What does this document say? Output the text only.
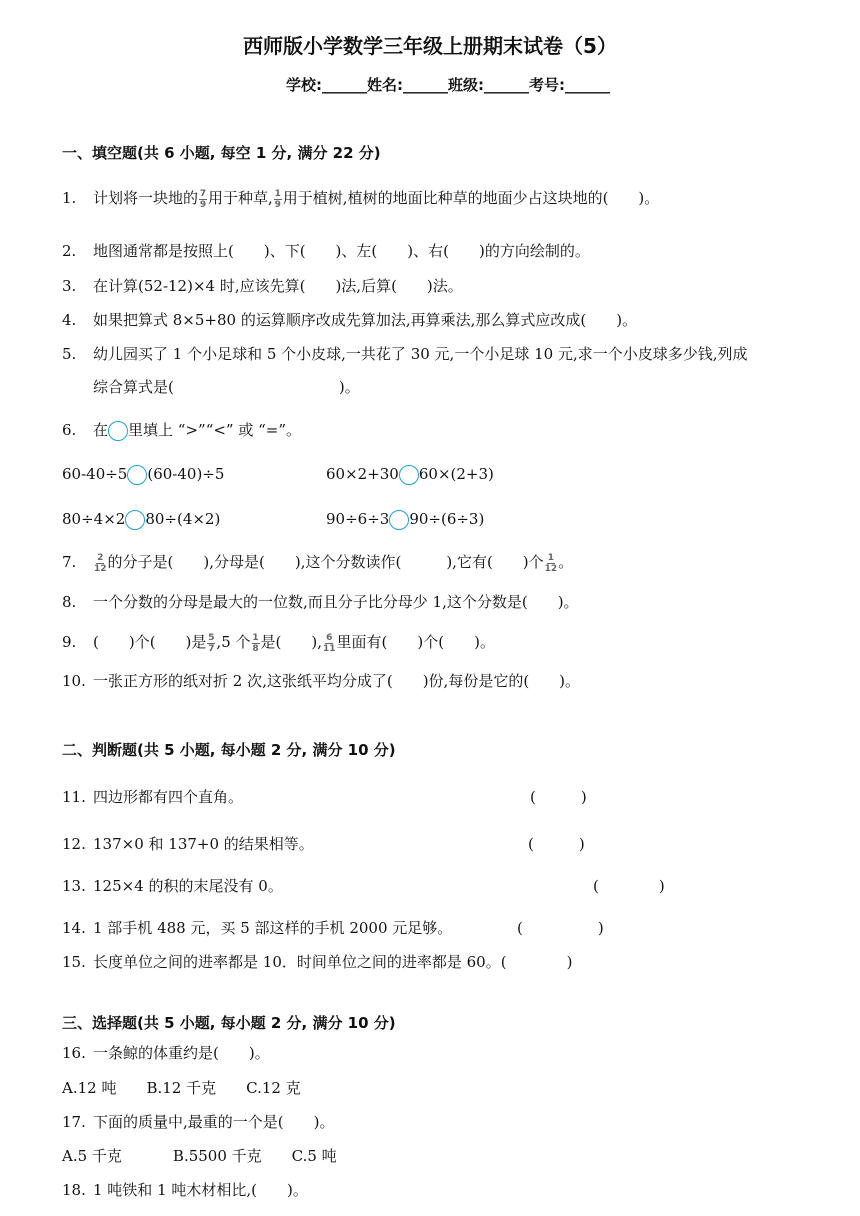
西师版小学数学三年级上册期末试卷（5）
学校:______姓名:______班级:______考号:______
一、填空题(共 6 小题, 每空 1 分, 满分 22 分)
1. 计划将一块地的 $\frac{7}{9}$ 用于种草, $\frac{1}{9}$ 用于植树,植树的地面比种草的地面少占这块地的(　　)。
2. 地图通常都是按照上(　　)、下(　　)、左(　　)、右(　　)的方向绘制的。
3. 在计算(52-12)×4 时,应该先算(　　)法,后算(　　)法。
4. 如果把算式 8×5+80 的运算顺序改成先算加法,再算乘法,那么算式应改成(　　)。
5. 幼儿园买了 1 个小足球和 5 个小皮球,一共花了 30 元,一个小足球 10 元,求一个小皮球多少钱,列成
综合算式是(　　　　　　　　　　　)。
6. 在 里填上 “>”“<” 或 “=”。
60-40÷5 (60-40)÷5	60×2+30 60×(2+3)
80÷4×2 80÷(4×2)	90÷6÷3 90÷(6÷3)
7. $\frac{2}{12}$ 的分子是(　　),分母是(　　),这个分数读作(　　　),它有(　　)个 $\frac{1}{12}$ 。
8. 一个分数的分母是最大的一位数,而且分子比分母少 1,这个分数是(　　)。
9. (　　)个(　　)是 $\frac{5}{7} ,5$ 个 $\frac{1}{8}$ 是(　　), $\frac{6}{11}$ 里面有(　　)个(　　)。
10. 一张正方形的纸对折 2 次,这张纸平均分成了(　　)份,每份是它的(　　)。
二、判断题(共 5 小题, 每小题 2 分, 满分 10 分)
11. 四边形都有四个直角。	(　　　)
12. 137×0 和 137+0 的结果相等。	(　　　)
13. 125×4 的积的末尾没有 0。	(　　　　)
14. 1 部手机 488 元，买 5 部这样的手机 2000 元足够。	(　　　　　)
15. 长度单位之间的进率都是 10．时间单位之间的进率都是 60。(　　　　)
三、选择题(共 5 小题, 每小题 2 分, 满分 10 分)
16. 一条鲸的体重约是(　　)。
A.12 吨 B.12 千克 C.12 克
17. 下面的质量中,最重的一个是(　　)。
A.5 千克	B.5500 千克 C.5 吨
18. 1 吨铁和 1 吨木材相比,(　　)。
